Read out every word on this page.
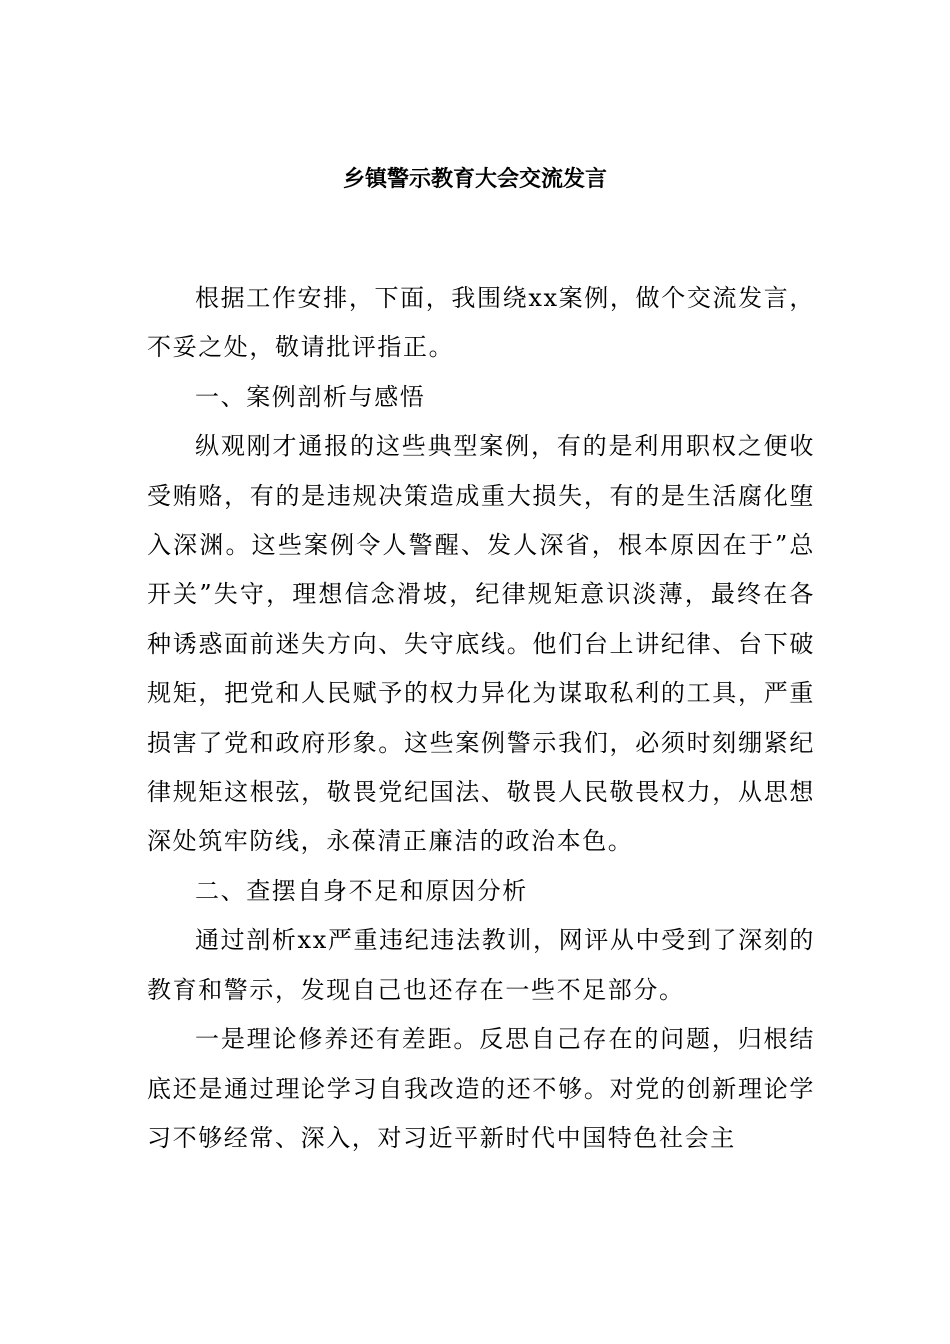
乡镇警示教育大会交流发言

根据工作安排，下面，我围绕xx案例，做个交流发言，不妥之处，敬请批评指正。

一、案例剖析与感悟

纵观刚才通报的这些典型案例，有的是利用职权之便收受贿赂，有的是违规决策造成重大损失，有的是生活腐化堕入深渊。这些案例令人警醒、发人深省，根本原因在于”总开关”失守，理想信念滑坡，纪律规矩意识淡薄，最终在各种诱惑面前迷失方向、失守底线。他们台上讲纪律、台下破规矩，把党和人民赋予的权力异化为谋取私利的工具，严重损害了党和政府形象。这些案例警示我们，必须时刻绷紧纪律规矩这根弦，敬畏党纪国法、敬畏人民敬畏权力，从思想深处筑牢防线，永葆清正廉洁的政治本色。

二、查摆自身不足和原因分析

通过剖析xx严重违纪违法教训，网评从中受到了深刻的教育和警示，发现自己也还存在一些不足部分。

一是理论修养还有差距。反思自己存在的问题，归根结底还是通过理论学习自我改造的还不够。对党的创新理论学习不够经常、深入，对习近平新时代中国特色社会主
